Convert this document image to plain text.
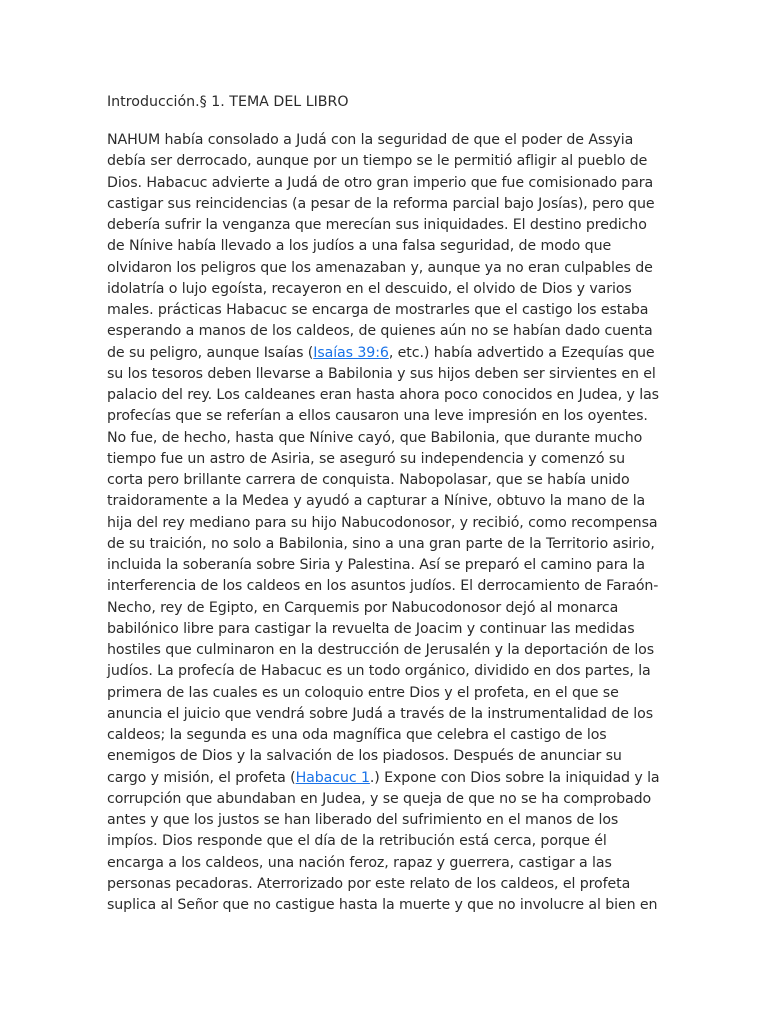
Introducción.§ 1. TEMA DEL LIBRO

NAHUM había consolado a Judá con la seguridad de que el poder de Assyia debía ser derrocado, aunque por un tiempo se le permitió afligir al pueblo de Dios. Habacuc advierte a Judá de otro gran imperio que fue comisionado para castigar sus reincidencias (a pesar de la reforma parcial bajo Josías), pero que debería sufrir la venganza que merecían sus iniquidades. El destino predicho de Nínive había llevado a los judíos a una falsa seguridad, de modo que olvidaron los peligros que los amenazaban y, aunque ya no eran culpables de idolatría o lujo egoísta, recayeron en el descuido, el olvido de Dios y varios males. prácticas Habacuc se encarga de mostrarles que el castigo los estaba esperando a manos de los caldeos, de quienes aún no se habían dado cuenta de su peligro, aunque Isaías (Isaías 39:6, etc.) había advertido a Ezequías que su los tesoros deben llevarse a Babilonia y sus hijos deben ser sirvientes en el palacio del rey. Los caldeanes eran hasta ahora poco conocidos en Judea, y las profecías que se referían a ellos causaron una leve impresión en los oyentes. No fue, de hecho, hasta que Nínive cayó, que Babilonia, que durante mucho tiempo fue un astro de Asiria, se aseguró su independencia y comenzó su corta pero brillante carrera de conquista. Nabopolasar, que se había unido traidoramente a la Medea y ayudó a capturar a Nínive, obtuvo la mano de la hija del rey mediano para su hijo Nabucodonosor, y recibió, como recompensa de su traición, no solo a Babilonia, sino a una gran parte de la Territorio asirio, incluida la soberanía sobre Siria y Palestina. Así se preparó el camino para la interferencia de los caldeos en los asuntos judíos. El derrocamiento de Faraón-Necho, rey de Egipto, en Carquemis por Nabucodonosor dejó al monarca babilónico libre para castigar la revuelta de Joacim y continuar las medidas hostiles que culminaron en la destrucción de Jerusalén y la deportación de los judíos. La profecía de Habacuc es un todo orgánico, dividido en dos partes, la primera de las cuales es un coloquio entre Dios y el profeta, en el que se anuncia el juicio que vendrá sobre Judá a través de la instrumentalidad de los caldeos; la segunda es una oda magnífica que celebra el castigo de los enemigos de Dios y la salvación de los piadosos. Después de anunciar su cargo y misión, el profeta (Habacuc 1.) Expone con Dios sobre la iniquidad y la corrupción que abundaban en Judea, y se queja de que no se ha comprobado antes y que los justos se han liberado del sufrimiento en el manos de los impíos. Dios responde que el día de la retribución está cerca, porque él encarga a los caldeos, una nación feroz, rapaz y guerrera, castigar a las personas pecadoras. Aterrorizado por este relato de los caldeos, el profeta suplica al Señor que no castigue hasta la muerte y que no involucre al bien en
